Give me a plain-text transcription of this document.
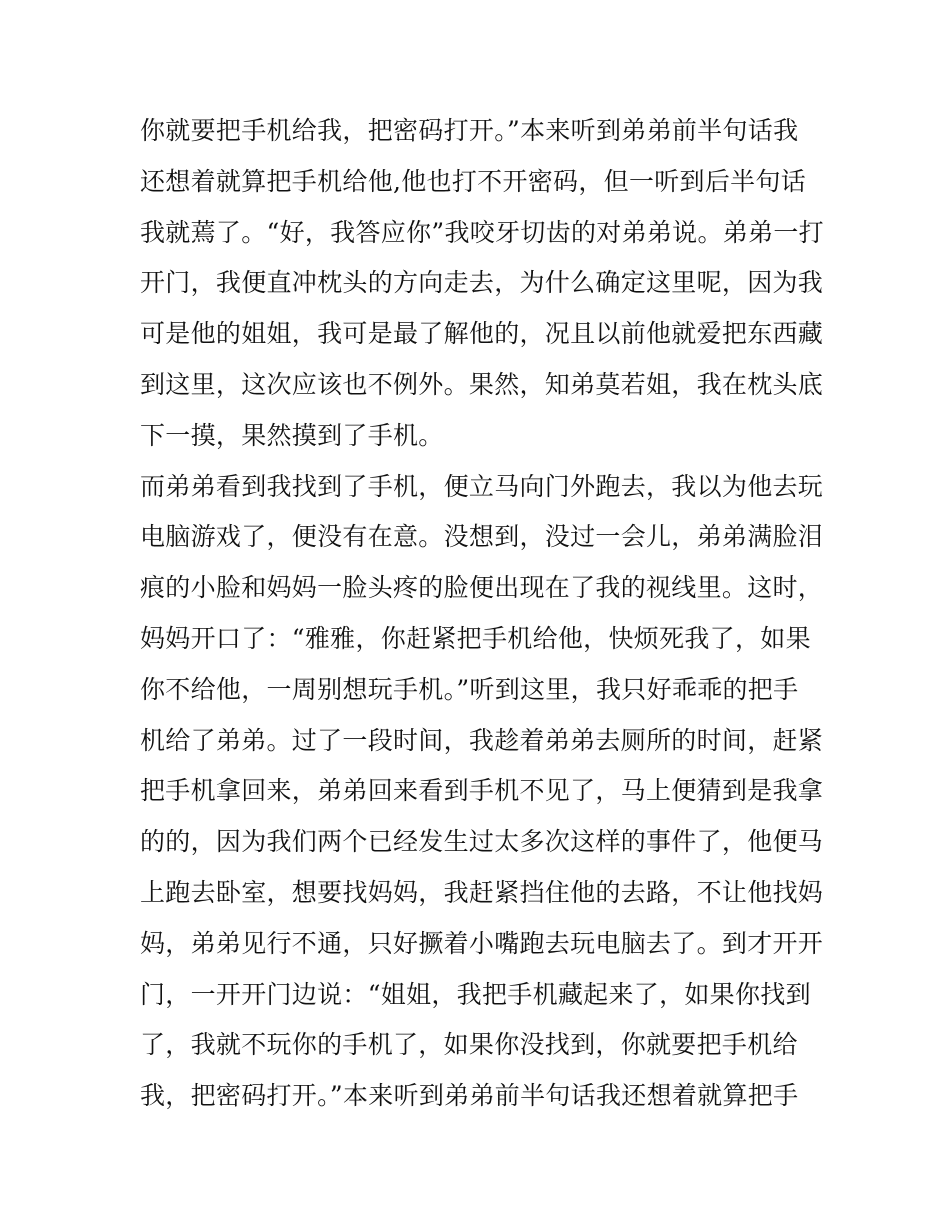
你就要把手机给我，把密码打开。”本来听到弟弟前半句话我
还想着就算把手机给他,他也打不开密码，但一听到后半句话
我就蔫了。“好，我答应你”我咬牙切齿的对弟弟说。弟弟一打
开门，我便直冲枕头的方向走去，为什么确定这里呢，因为我
可是他的姐姐，我可是最了解他的，况且以前他就爱把东西藏
到这里，这次应该也不例外。果然，知弟莫若姐，我在枕头底
下一摸，果然摸到了手机。
而弟弟看到我找到了手机，便立马向门外跑去，我以为他去玩
电脑游戏了，便没有在意。没想到，没过一会儿，弟弟满脸泪
痕的小脸和妈妈一脸头疼的脸便出现在了我的视线里。这时，
妈妈开口了：“雅雅，你赶紧把手机给他，快烦死我了，如果
你不给他，一周别想玩手机。”听到这里，我只好乖乖的把手
机给了弟弟。过了一段时间，我趁着弟弟去厕所的时间，赶紧
把手机拿回来，弟弟回来看到手机不见了，马上便猜到是我拿
的的，因为我们两个已经发生过太多次这样的事件了，他便马
上跑去卧室，想要找妈妈，我赶紧挡住他的去路，不让他找妈
妈，弟弟见行不通，只好撅着小嘴跑去玩电脑去了。到才开开
门，一开开门边说：“姐姐，我把手机藏起来了，如果你找到
了，我就不玩你的手机了，如果你没找到，你就要把手机给
我，把密码打开。”本来听到弟弟前半句话我还想着就算把手
